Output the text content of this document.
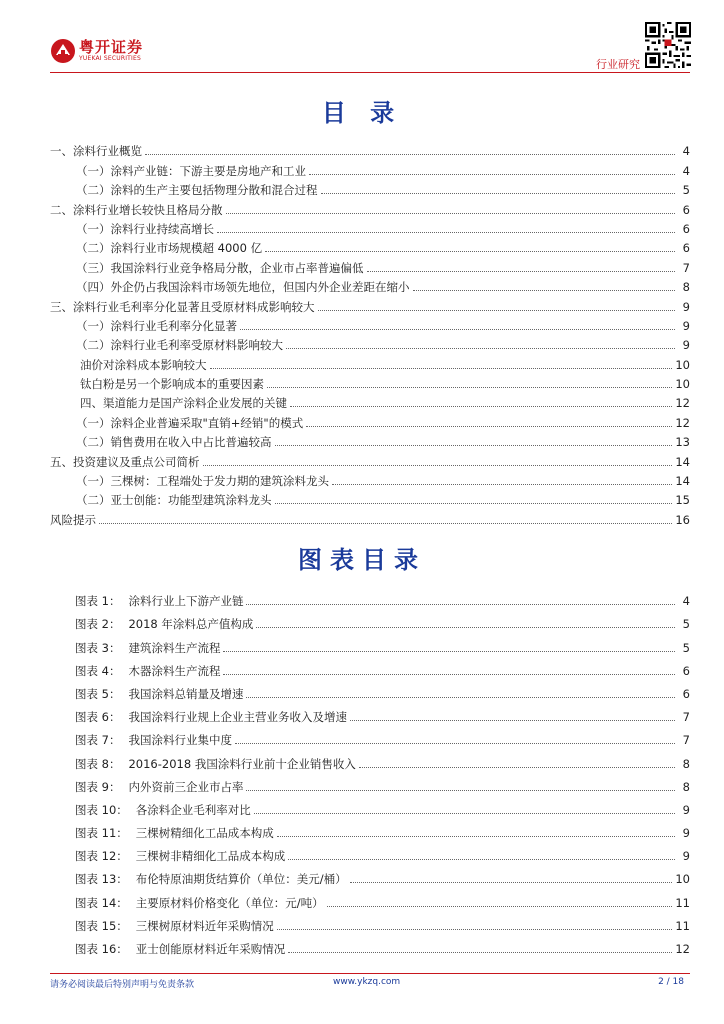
粤开证券
YUEKAI SECURITIES	行业研究
目 录
一、涂料行业概览	4
（一）涂料产业链：下游主要是房地产和工业	4
（二）涂料的生产主要包括物理分散和混合过程	5
二、涂料行业增长较快且格局分散	6
（一）涂料行业持续高增长	6
（二）涂料行业市场规模超 4000 亿	6
（三）我国涂料行业竞争格局分散，企业市占率普遍偏低	7
（四）外企仍占我国涂料市场领先地位，但国内外企业差距在缩小	8
三、涂料行业毛利率分化显著且受原材料成影响较大	9
（一）涂料行业毛利率分化显著	9
（二）涂料行业毛利率受原材料影响较大	9
油价对涂料成本影响较大	10
钛白粉是另一个影响成本的重要因素	10
四、渠道能力是国产涂料企业发展的关键	12
（一）涂料企业普遍采取"直销+经销"的模式	12
（二）销售费用在收入中占比普遍较高	13
五、投资建议及重点公司简析	14
（一）三棵树：工程端处于发力期的建筑涂料龙头	14
（二）亚士创能：功能型建筑涂料龙头	15
风险提示	16
图表目录
图表 1： 涂料行业上下游产业链	4
图表 2： 2018 年涂料总产值构成	5
图表 3： 建筑涂料生产流程	5
图表 4： 木器涂料生产流程	6
图表 5： 我国涂料总销量及增速	6
图表 6： 我国涂料行业规上企业主营业务收入及增速	7
图表 7： 我国涂料行业集中度	7
图表 8： 2016-2018 我国涂料行业前十企业销售收入	8
图表 9： 内外资前三企业市占率	8
图表 10： 各涂料企业毛利率对比	9
图表 11： 三棵树精细化工品成本构成	9
图表 12： 三棵树非精细化工品成本构成	9
图表 13： 布伦特原油期货结算价（单位：美元/桶）	10
图表 14： 主要原材料价格变化（单位：元/吨）	11
图表 15： 三棵树原材料近年采购情况	11
图表 16： 亚士创能原材料近年采购情况	12
请务必阅读最后特别声明与免责条款	www.ykzq.com	2 / 18
